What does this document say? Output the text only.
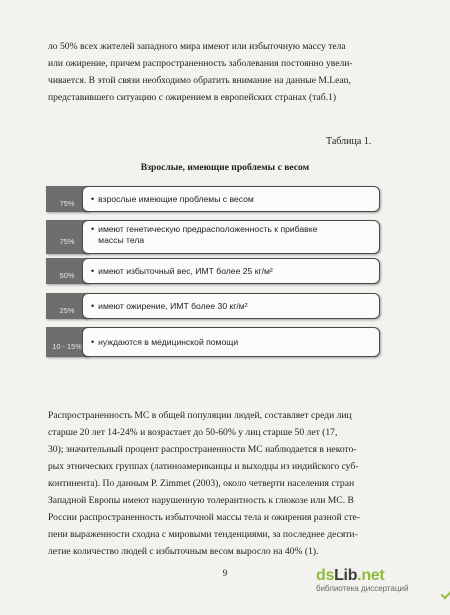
ло 50% всех жителей западного мира имеют или избыточную массу тела
или ожирение, причем распространенность заболевания постоянно увели-
чивается. В этой связи необходимо обратить внимание на данные M.Lean,
представившего ситуацию с ожирением в европейских странах (таб.1)
Таблица 1.
Взрослые, имеющие проблемы с весом
75% • взрослые имеющие проблемы с весом
75%
• имеют генетическую предрасположенность к прибавке
массы тела
50% • имеют избыточный вес, ИМТ более 25 кг/м²
25% • имеют ожирение, ИМТ более 30 кг/м²
10 - 15% • нуждаются в медицинской помощи
Распространенность МС в общей популяции людей, составляет среди лиц
старше 20 лет 14-24% и возрастает до 50-60% у лиц старше 50 лет (17,
30); значительный процент распространенности МС наблюдается в некото-
рых этнических группах (латиноамериканцы и выходцы из индийского суб-
континента). По данным P. Zimmet (2003), около четверти населения стран
Западной Европы имеют нарушенную толерантность к глюкозе или МС. В
России распространенность избыточной массы тела и ожирения разной сте-
пени выраженности сходна с мировыми тенденциями, за последнее десяти-
летие количество людей с избыточным весом выросло на 40% (1).
9	ds Lib .net
библиотека диссертаций
